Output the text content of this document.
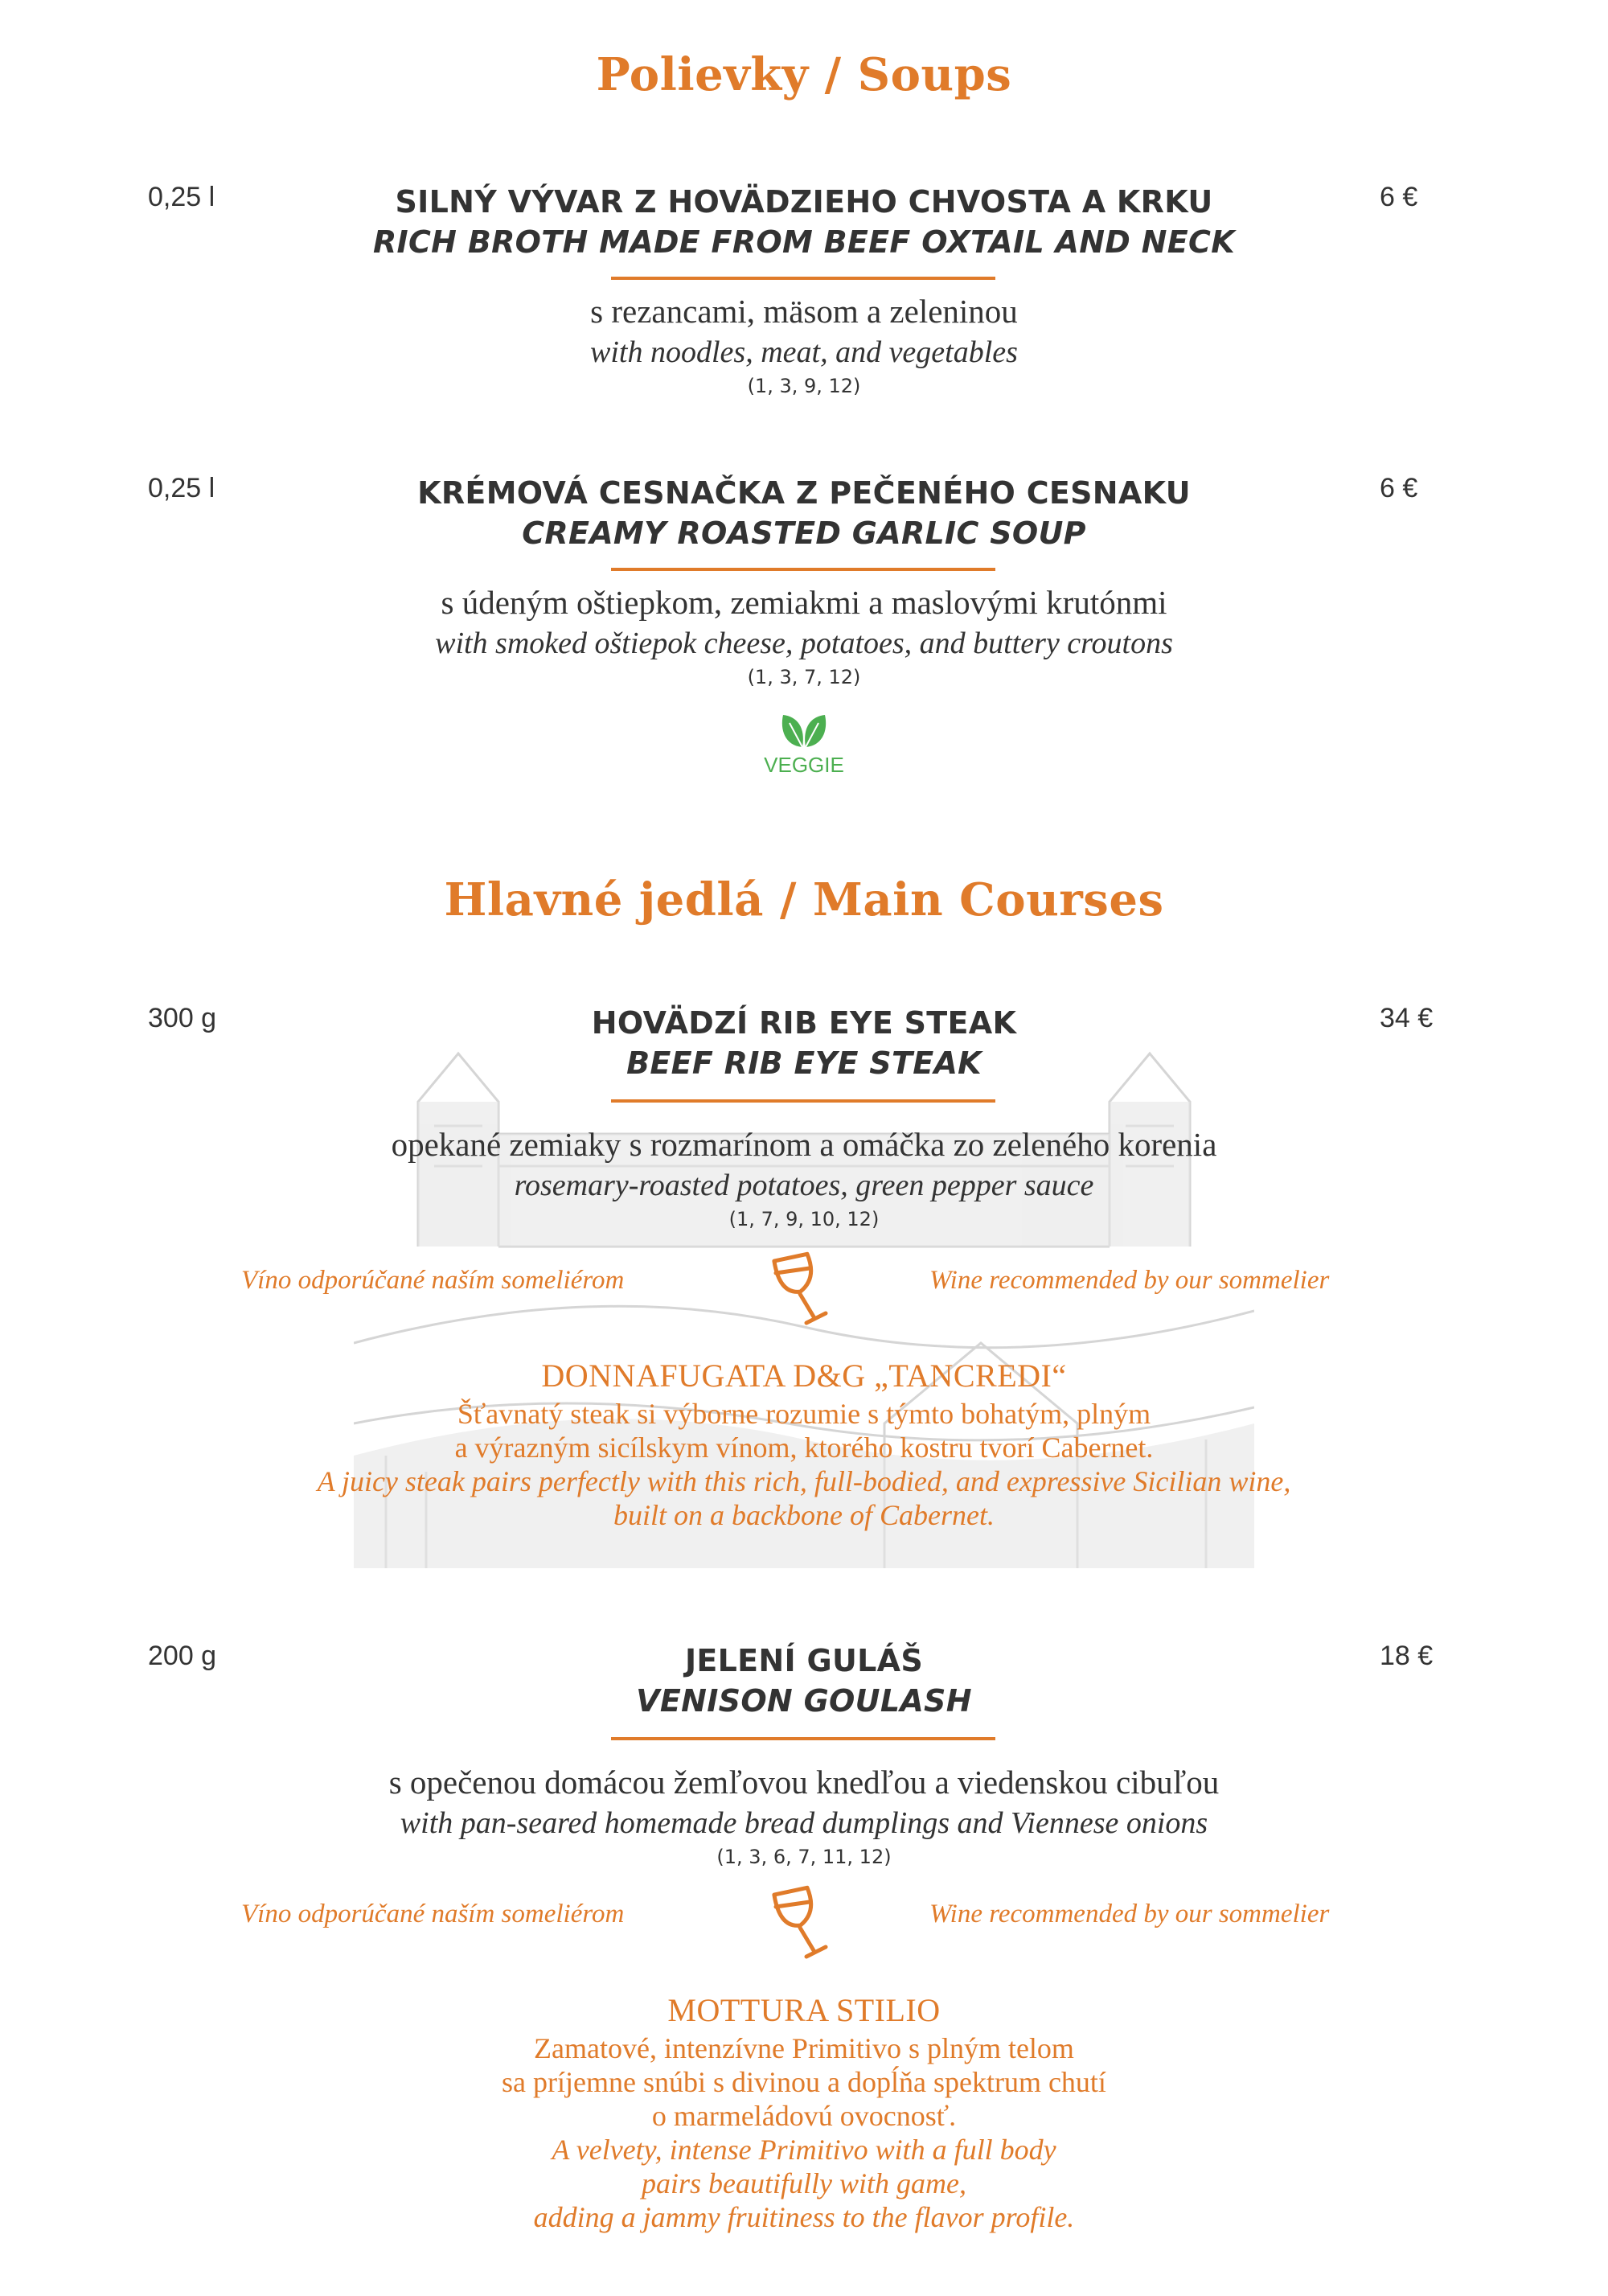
Polievky / Soups
0,25 l	6 €
SILNÝ VÝVAR Z HOVÄDZIEHO CHVOSTA A KRKU
RICH BROTH MADE FROM BEEF OXTAIL AND NECK
s rezancami, mäsom a zeleninou
with noodles, meat, and vegetables
(1, 3, 9, 12)
0,25 l	6 €
KRÉMOVÁ CESNAČKA Z PEČENÉHO CESNAKU
CREAMY ROASTED GARLIC SOUP
s údeným oštiepkom, zemiakmi a maslovými krutónmi
with smoked oštiepok cheese, potatoes, and buttery croutons
(1, 3, 7, 12)
VEGGIE
Hlavné jedlá / Main Courses
300 g	34 €
HOVÄDZÍ RIB EYE STEAK
BEEF RIB EYE STEAK
opekané zemiaky s rozmarínom a omáčka zo zeleného korenia
rosemary-roasted potatoes, green pepper sauce
(1, 7, 9, 10, 12)
Víno odporúčané naším someliérom	Wine recommended by our sommelier
DONNAFUGATA D&G „TANCREDI“
Šťavnatý steak si výborne rozumie s týmto bohatým, plným
a výrazným sicílskym vínom, ktorého kostru tvorí Cabernet.
A juicy steak pairs perfectly with this rich, full-bodied, and expressive Sicilian wine,
built on a backbone of Cabernet.
200 g	18 €
JELENÍ GULÁŠ
VENISON GOULASH
s opečenou domácou žemľovou knedľou a viedenskou cibuľou
with pan-seared homemade bread dumplings and Viennese onions
(1, 3, 6, 7, 11, 12)
Víno odporúčané naším someliérom	Wine recommended by our sommelier
MOTTURA STILIO
Zamatové, intenzívne Primitivo s plným telom
sa príjemne snúbi s divinou a dopĺňa spektrum chutí
o marmeládovú ovocnosť.
A velvety, intense Primitivo with a full body
pairs beautifully with game,
adding a jammy fruitiness to the flavor profile.
